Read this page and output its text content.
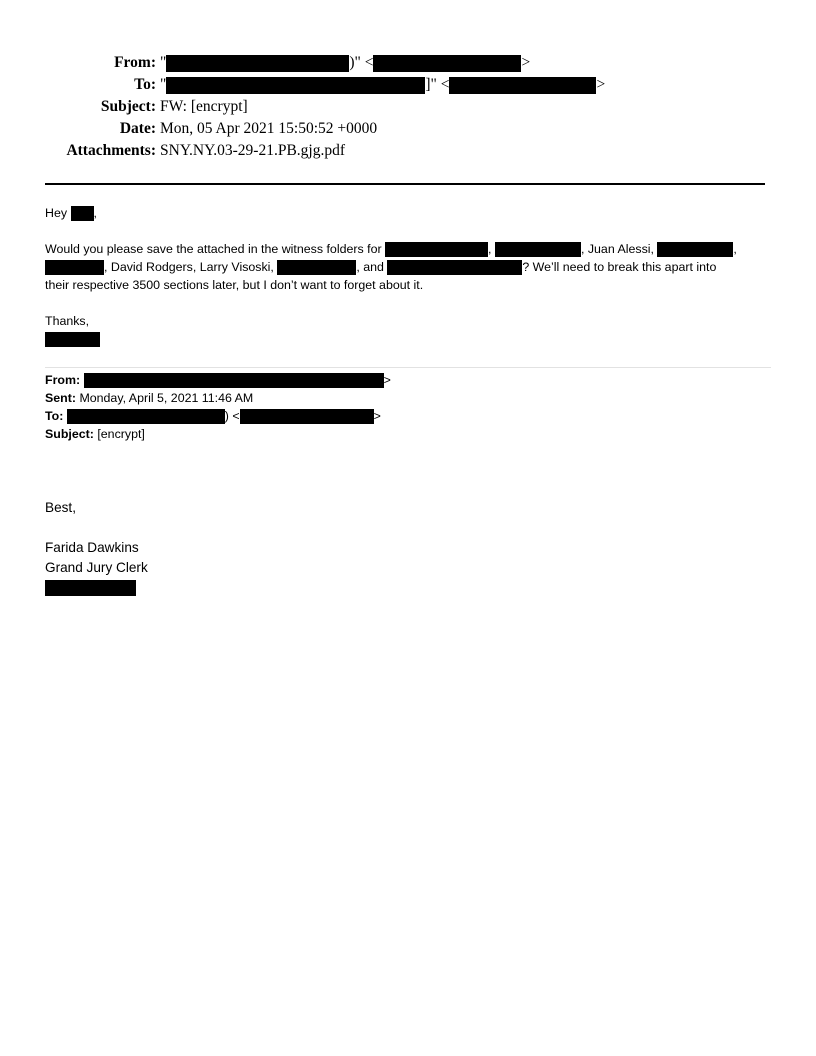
From: "	)" <	>
To: "	]" <	>
Subject: FW: [encrypt]
Date: Mon, 05 Apr 2021 15:50:52 +0000
Attachments: SNY.NY.03-29-21.PB.gjg.pdf

Hey ,

Would you please save the attached in the witness folders for	,	, Juan Alessi,	,

, David Rodgers, Larry Visoski,	, and	? We’ll need to break this apart into

their respective 3500 sections later, but I don’t want to forget about it.

Thanks,

From:	>
Sent: Monday, April 5, 2021 11:46 AM
To:	) <	>
Subject: [encrypt]
Best,
Farida Dawkins
Grand Jury Clerk
